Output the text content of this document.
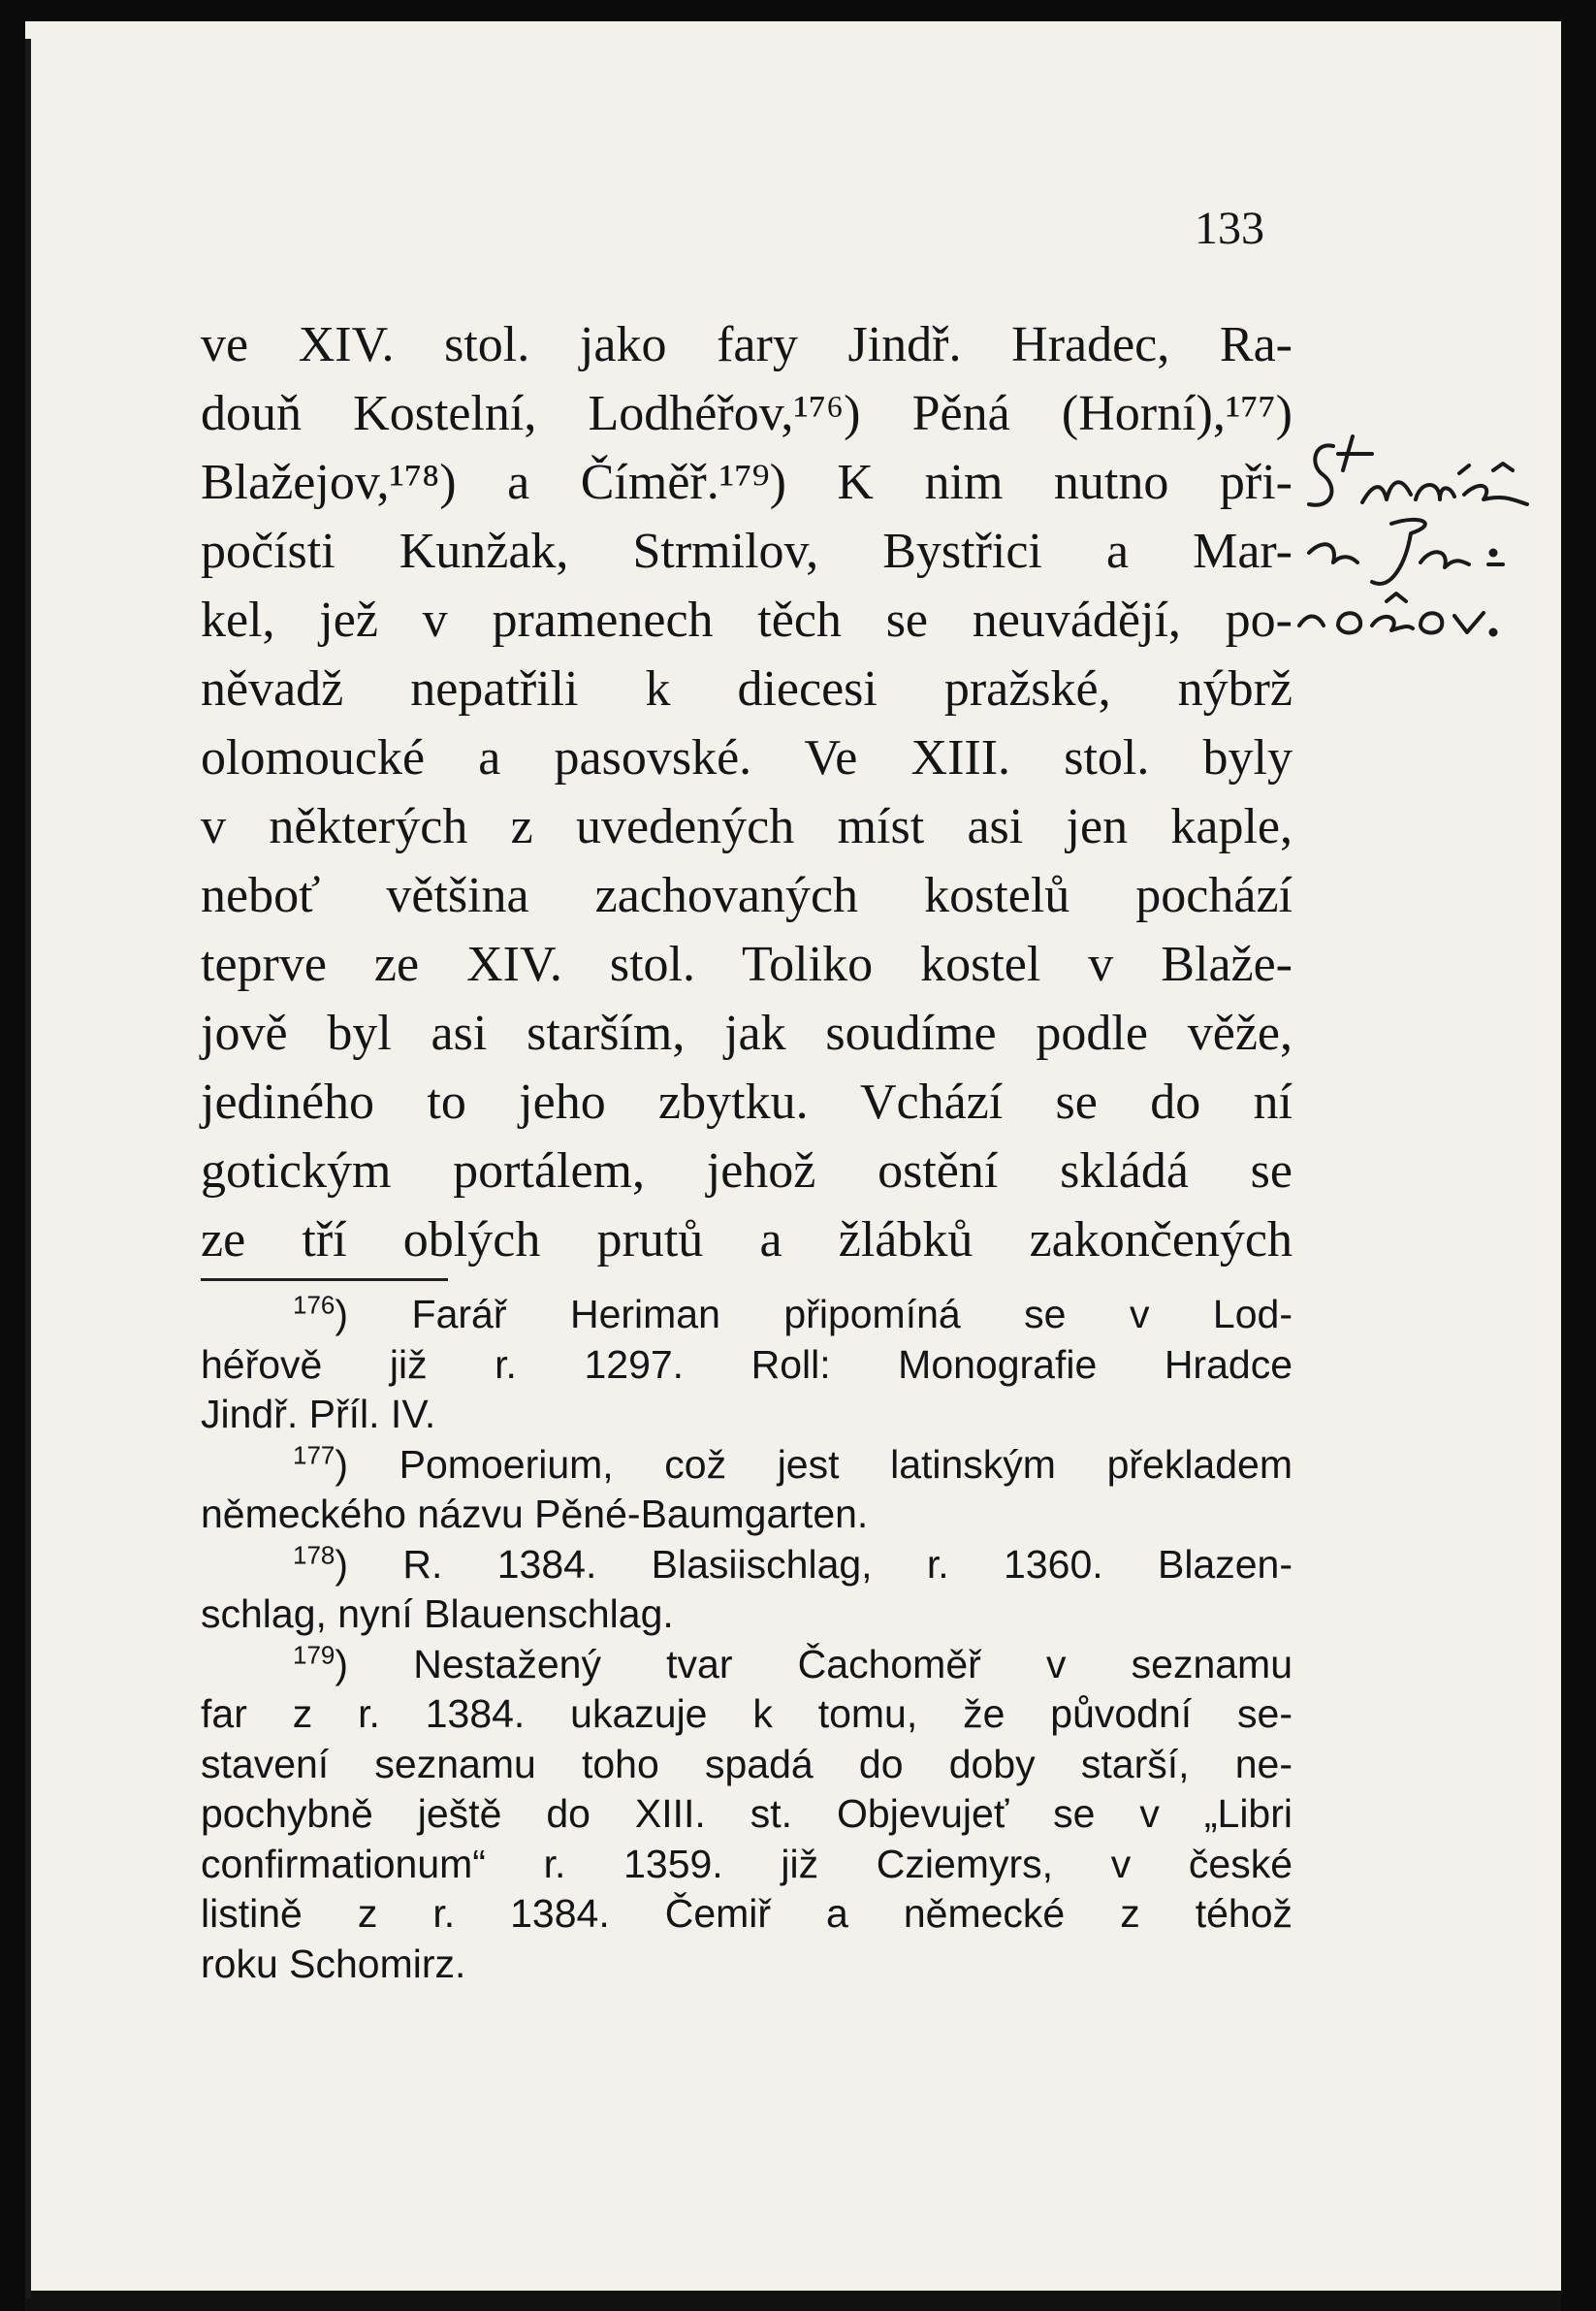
133
ve XIV. stol. jako fary Jindř. Hradec, Ra-
douň Kostelní, Lodhéřov,¹⁷⁶) Pěná (Horní),¹⁷⁷)
Blažejov,¹⁷⁸) a Číměř.¹⁷⁹) K nim nutno při-
počísti Kunžak, Strmilov, Bystřici a Mar-
kel, jež v pramenech těch se neuvádějí, po-
něvadž nepatřili k diecesi pražské, nýbrž
olomoucké a pasovské. Ve XIII. stol. byly
v některých z uvedených míst asi jen kaple,
neboť většina zachovaných kostelů pochází
teprve ze XIV. stol. Toliko kostel v Blaže-
jově byl asi starším, jak soudíme podle věže,
jediného to jeho zbytku. Vchází se do ní
gotickým portálem, jehož ostění skládá se
ze tří oblých prutů a žlábků zakončených
$^{176}$) Farář Heriman připomíná se v Lod-
héřově již r. 1297. Roll: Monografie Hradce
Jindř. Příl. IV.
$^{177}$) Pomoerium, což jest latinským překladem
německého názvu Pěné-Baumgarten.
$^{178}$) R. 1384. Blasiischlag, r. 1360. Blazen-
schlag, nyní Blauenschlag.
$^{179}$) Nestažený tvar Čachoměř v seznamu
far z r. 1384. ukazuje k tomu, že původní se-
stavení seznamu toho spadá do doby starší, ne-
pochybně ještě do XIII. st. Objevujeť se v „Libri
confirmationum“ r. 1359. již Cziemyrs, v české
listině z r. 1384. Čemiř a německé z téhož
roku Schomirz.
